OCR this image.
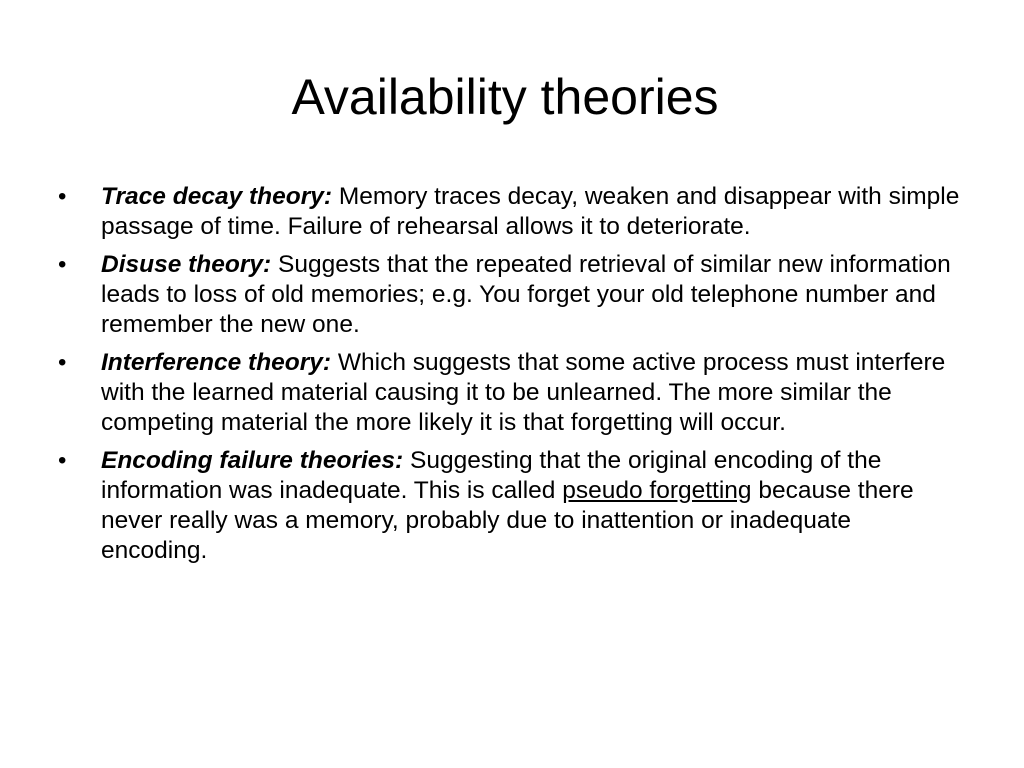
Availability theories
• Trace decay theory: Memory traces decay, weaken and disappear with simple passage of time. Failure of rehearsal allows it to deteriorate.
• Disuse theory: Suggests that the repeated retrieval of similar new information leads to loss of old memories; e.g. You forget your old telephone number and remember the new one.
• Interference theory: Which suggests that some active process must interfere with the learned material causing it to be unlearned. The more similar the competing material the more likely it is that forgetting will occur.
• Encoding failure theories: Suggesting that the original encoding of the information was inadequate. This is called pseudo forgetting because there never really was a memory, probably due to inattention or inadequate encoding.
